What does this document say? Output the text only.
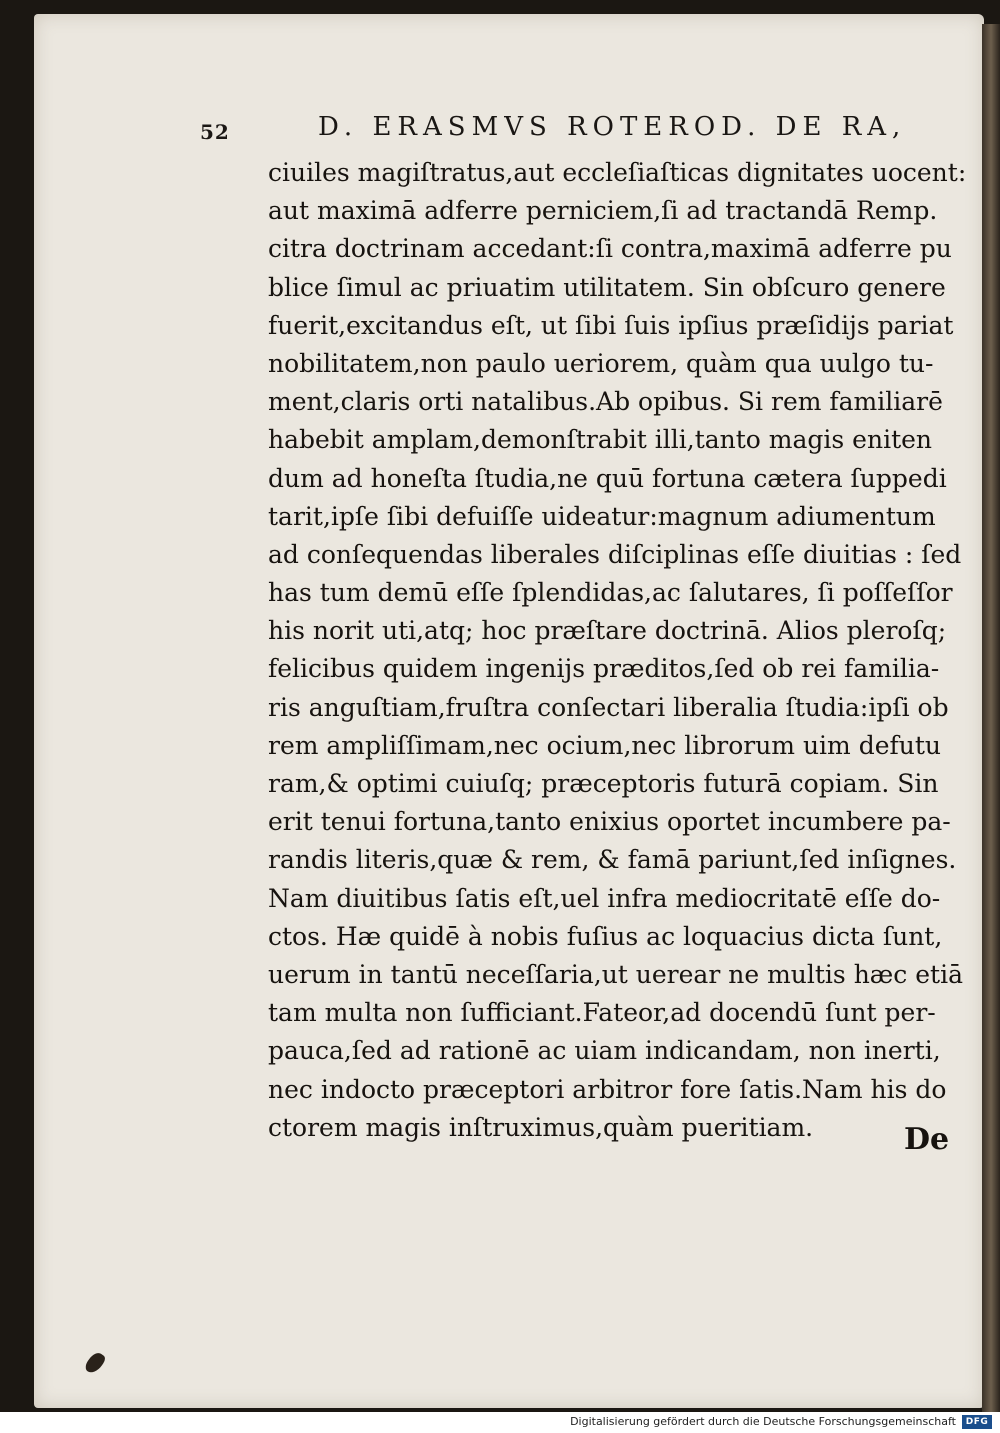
52	D. ERASMVS ROTEROD. DE RA,
ciuiles magiſtratus,aut eccleſiaſticas dignitates uocent:
aut maximā adferre perniciem,ſi ad tractandā Remp.
citra doctrinam accedant:ſi contra,maximā adferre pu
blice ſimul ac priuatim utilitatem. Sin obſcuro genere
fuerit,excitandus eſt, ut ſibi ſuis ipſius præſidijs pariat
nobilitatem,non paulo ueriorem, quàm qua uulgo tu-
ment,claris orti natalibus.Ab opibus. Si rem familiarē
habebit amplam,demonſtrabit illi,tanto magis eniten
dum ad honeſta ſtudia,ne quū fortuna cætera ſuppedi
tarit,ipſe ſibi defuiſſe uideatur:magnum adiumentum
ad conſequendas liberales diſciplinas eſſe diuitias : ſed
has tum demū eſſe ſplendidas,ac ſalutares, ſi poſſeſſor
his norit uti,atq; hoc præſtare doctrinā. Alios pleroſq;
felicibus quidem ingenijs præditos,ſed ob rei familia-
ris anguſtiam,fruſtra conſectari liberalia ſtudia:ipſi ob
rem ampliſſimam,nec ocium,nec librorum uim defutu
ram,& optimi cuiuſq; præceptoris futurā copiam. Sin
erit tenui fortuna,tanto enixius oportet incumbere pa-
randis literis,quæ & rem, & famā pariunt,ſed inſignes.
Nam diuitibus ſatis eſt,uel infra mediocritatē eſſe do-
ctos. Hæ quidē à nobis fuſius ac loquacius dicta ſunt,
uerum in tantū neceſſaria,ut uerear ne multis hæc etiā
tam multa non ſufficiant.Fateor,ad docendū ſunt per-
pauca,ſed ad rationē ac uiam indicandam, non inerti,
nec indocto præceptori arbitror fore ſatis.Nam his do
ctorem magis inſtruximus,quàm pueritiam.	De
Digitalisierung gefördert durch die Deutsche Forschungsgemeinschaft	DFG
